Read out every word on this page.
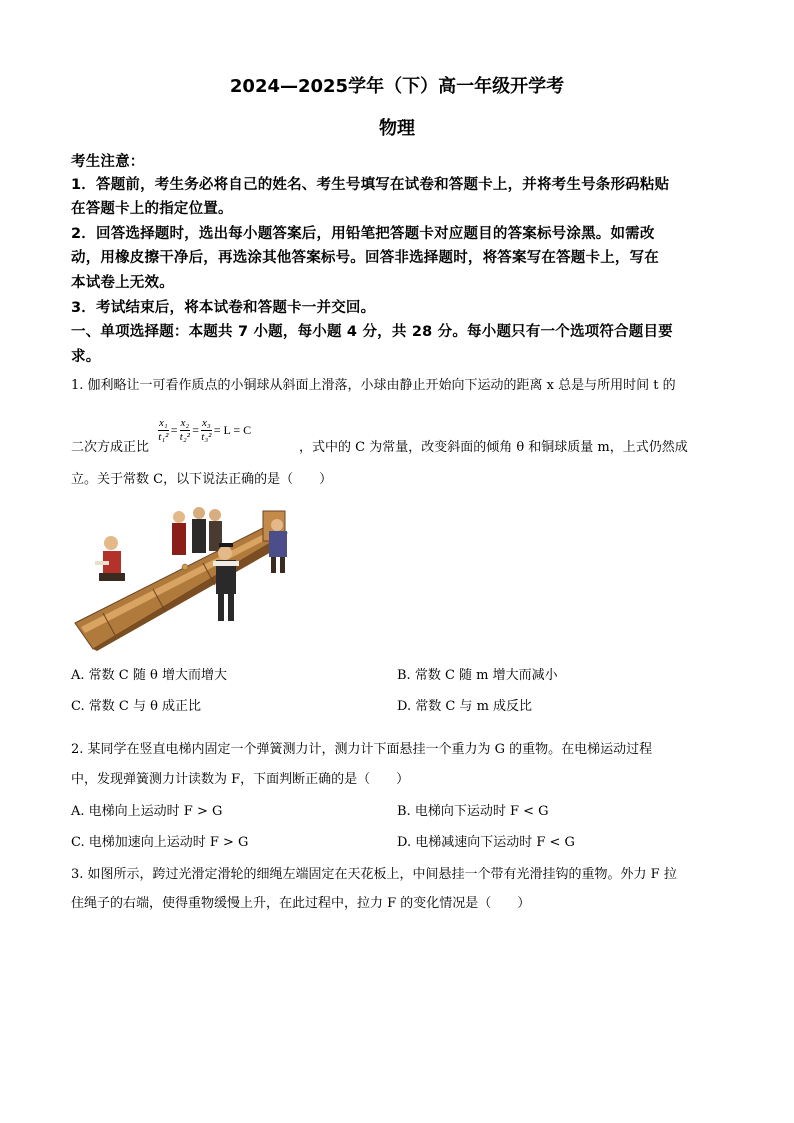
2024—2025学年（下）高一年级开学考
物理
考生注意：
1．答题前，考生务必将自己的姓名、考生号填写在试卷和答题卡上，并将考生号条形码粘贴
在答题卡上的指定位置。
2．回答选择题时，选出每小题答案后，用铅笔把答题卡对应题目的答案标号涂黑。如需改
动，用橡皮擦干净后，再选涂其他答案标号。回答非选择题时，将答案写在答题卡上，写在
本试卷上无效。
3．考试结束后，将本试卷和答题卡一并交回。
一、单项选择题：本题共 7 小题，每小题 4 分，共 28 分。每小题只有一个选项符合题目要
求。
1. 伽利略让一可看作质点的小铜球从斜面上滑落，小球由静止开始向下运动的距离 x 总是与所用时间 t 的
二次方成正比
$\frac{\text{x₁}}{\text{t₁²}} = \frac{\text{x₂}}{\text{t₂²}} = \frac{\text{x₃}}{\text{t₃²}} = L = C$
，式中的 C 为常量，改变斜面的倾角 θ 和铜球质量 m，上式仍然成
立。关于常数 C，以下说法正确的是（　　）
A. 常数 C 随 θ 增大而增大	B. 常数 C 随 m 增大而减小
C. 常数 C 与 θ 成正比	D. 常数 C 与 m 成反比
2. 某同学在竖直电梯内固定一个弹簧测力计，测力计下面悬挂一个重力为 G 的重物。在电梯运动过程
中，发现弹簧测力计读数为 F，下面判断正确的是（　　）
A. 电梯向上运动时 F > G	B. 电梯向下运动时 F < G
C. 电梯加速向上运动时 F > G	D. 电梯减速向下运动时 F < G
3. 如图所示，跨过光滑定滑轮的细绳左端固定在天花板上，中间悬挂一个带有光滑挂钩的重物。外力 F 拉
住绳子的右端，使得重物缓慢上升，在此过程中，拉力 F 的变化情况是（　　）
